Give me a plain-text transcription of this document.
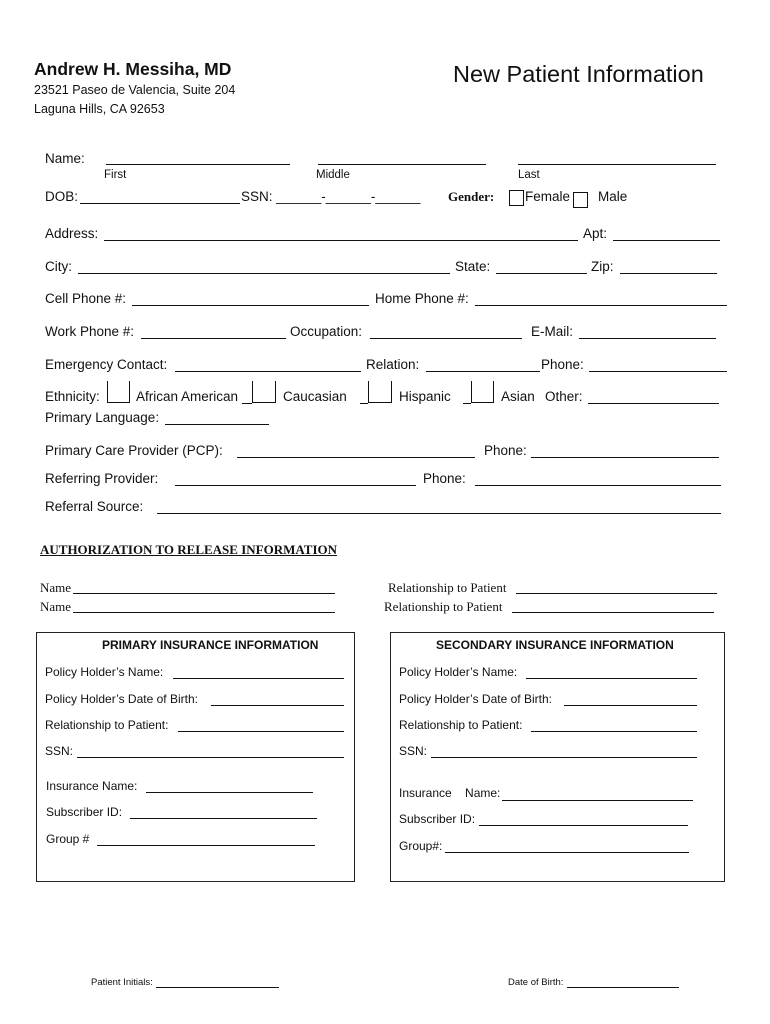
Andrew H. Messiha, MD
23521 Paseo de Valencia, Suite 204
Laguna Hills, CA 92653
New Patient Information
Name:
First	Middle	Last
DOB:	SSN: ______-______-______ Gender: Female Male
Address:	Apt:
City:	State:	Zip:
Cell Phone #:	Home Phone #:
Work Phone #:	Occupation:	E-Mail:
Emergency Contact:	Relation:	Phone:
Ethnicity:	African American	Caucasian	Hispanic	Asian Other:
Primary Language:
Primary Care Provider (PCP):	Phone:
Referring Provider:	Phone:
Referral Source:
AUTHORIZATION TO RELEASE INFORMATION
Name	Relationship to Patient
Name	Relationship to Patient
PRIMARY INSURANCE INFORMATION
Policy Holder’s Name:
Policy Holder’s Date of Birth:
Relationship to Patient:
SSN:
Insurance Name:
Subscriber ID:
Group #
SECONDARY INSURANCE INFORMATION
Policy Holder’s Name:
Policy Holder’s Date of Birth:
Relationship to Patient:
SSN:
Insurance    Name:
Subscriber ID:
Group#:
Patient Initials:	Date of Birth:
